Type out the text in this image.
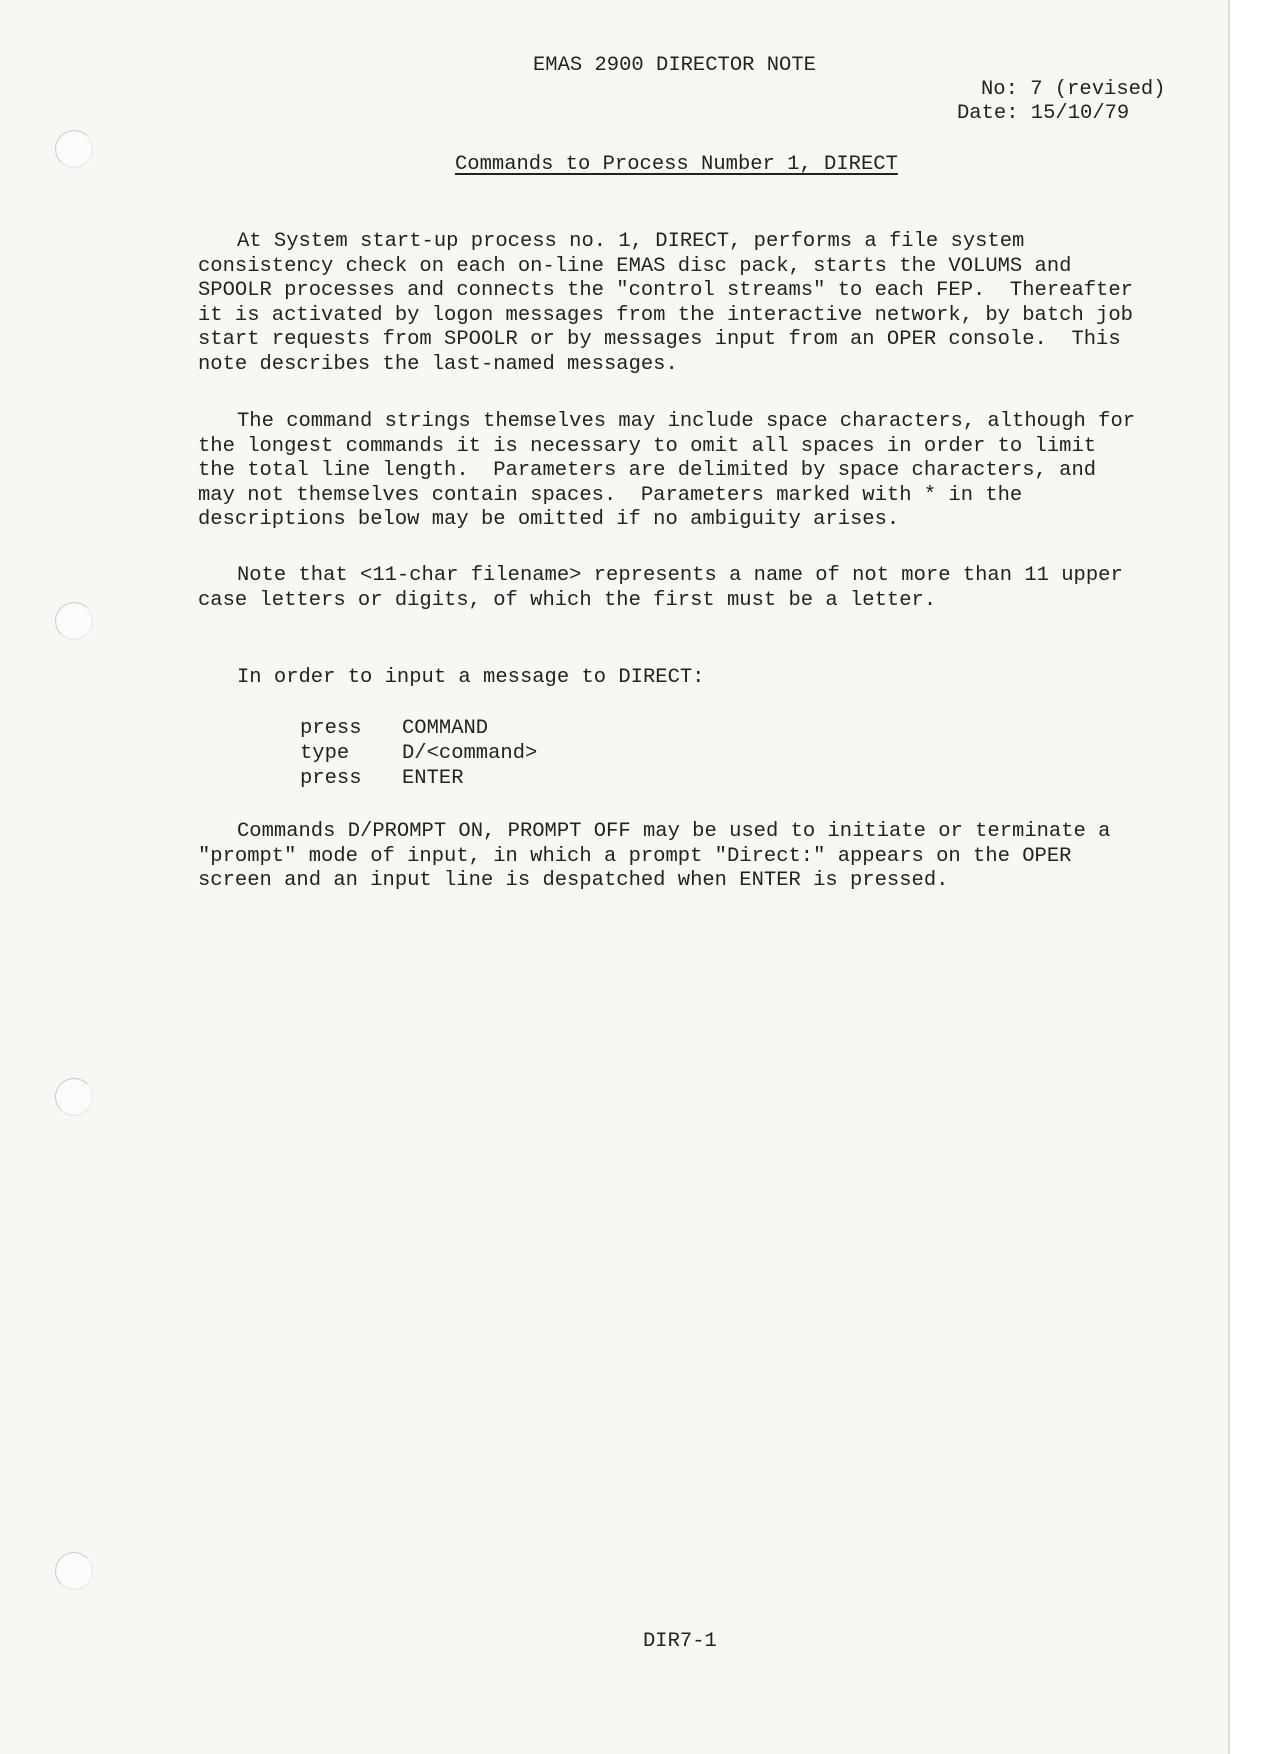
EMAS 2900 DIRECTOR NOTE
No: 7 (revised)
Date: 15/10/79
Commands to Process Number 1, DIRECT
At System start-up process no. 1, DIRECT, performs a file system
consistency check on each on-line EMAS disc pack, starts the VOLUMS and
SPOOLR processes and connects the "control streams" to each FEP.  Thereafter
it is activated by logon messages from the interactive network, by batch job
start requests from SPOOLR or by messages input from an OPER console.  This
note describes the last-named messages.
The command strings themselves may include space characters, although for
the longest commands it is necessary to omit all spaces in order to limit
the total line length.  Parameters are delimited by space characters, and
may not themselves contain spaces.  Parameters marked with * in the
descriptions below may be omitted if no ambiguity arises.
Note that <11-char filename> represents a name of not more than 11 upper
case letters or digits, of which the first must be a letter.
In order to input a message to DIRECT:
press COMMAND
type	D/<command>
press ENTER
Commands D/PROMPT ON, PROMPT OFF may be used to initiate or terminate a
"prompt" mode of input, in which a prompt "Direct:" appears on the OPER
screen and an input line is despatched when ENTER is pressed.
DIR7-1
